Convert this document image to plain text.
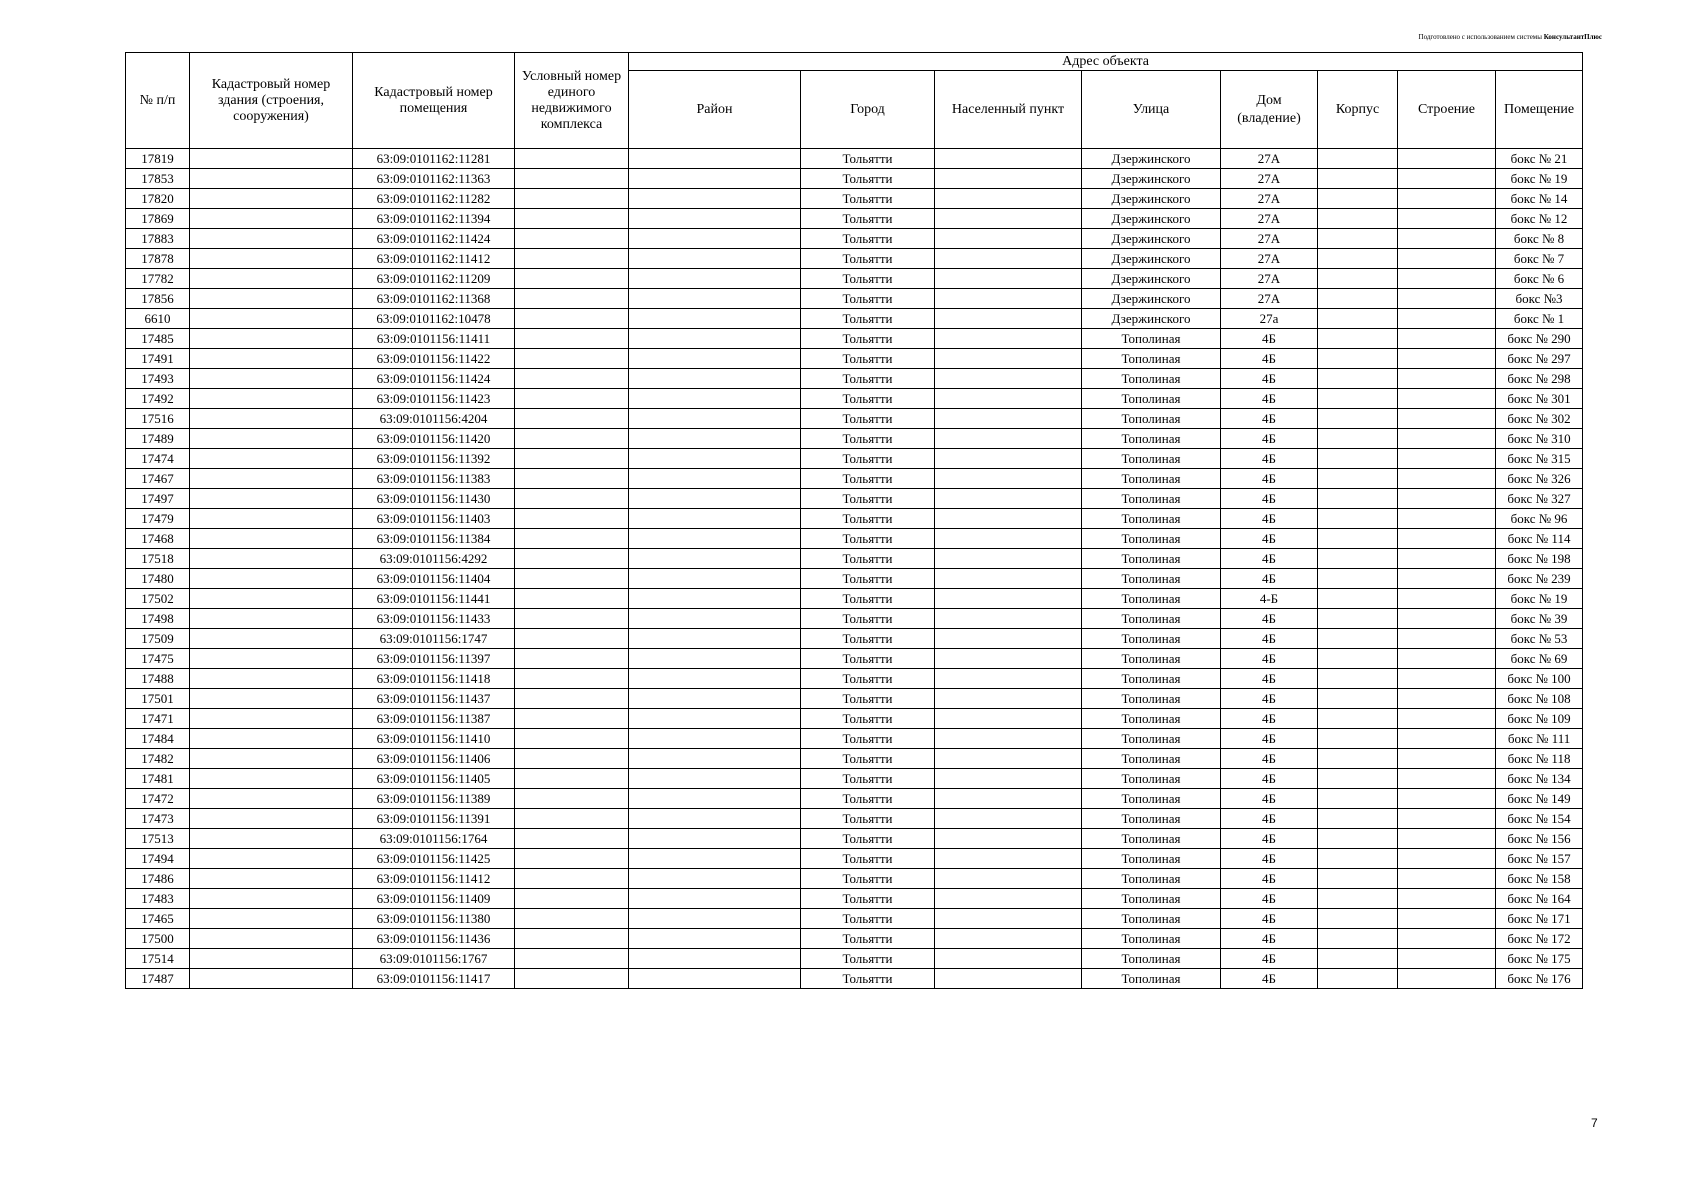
Подготовлено с использованием системы КонсультантПлюс
№ п/п	Кадастровый номер здания (строения, сооружения)	Кадастровый номер помещения	Условный номер единого недвижимого комплекса	Адрес объекта							
				Район	Город	Населенный пункт	Улица	Дом (владение)	Корпус	Строение	Помещение
17819		63:09:0101162:11281			Тольятти		Дзержинского	27А			бокс № 21
17853		63:09:0101162:11363			Тольятти		Дзержинского	27А			бокс № 19
17820		63:09:0101162:11282			Тольятти		Дзержинского	27А			бокс № 14
17869		63:09:0101162:11394			Тольятти		Дзержинского	27А			бокс № 12
17883		63:09:0101162:11424			Тольятти		Дзержинского	27А			бокс № 8
17878		63:09:0101162:11412			Тольятти		Дзержинского	27А			бокс № 7
17782		63:09:0101162:11209			Тольятти		Дзержинского	27А			бокс № 6
17856		63:09:0101162:11368			Тольятти		Дзержинского	27А			бокс №3
6610		63:09:0101162:10478			Тольятти		Дзержинского	27а			бокс № 1
17485		63:09:0101156:11411			Тольятти		Тополиная	4Б			бокс № 290
17491		63:09:0101156:11422			Тольятти		Тополиная	4Б			бокс № 297
17493		63:09:0101156:11424			Тольятти		Тополиная	4Б			бокс № 298
17492		63:09:0101156:11423			Тольятти		Тополиная	4Б			бокс № 301
17516		63:09:0101156:4204			Тольятти		Тополиная	4Б			бокс № 302
17489		63:09:0101156:11420			Тольятти		Тополиная	4Б			бокс № 310
17474		63:09:0101156:11392			Тольятти		Тополиная	4Б			бокс № 315
17467		63:09:0101156:11383			Тольятти		Тополиная	4Б			бокс № 326
17497		63:09:0101156:11430			Тольятти		Тополиная	4Б			бокс № 327
17479		63:09:0101156:11403			Тольятти		Тополиная	4Б			бокс № 96
17468		63:09:0101156:11384			Тольятти		Тополиная	4Б			бокс № 114
17518		63:09:0101156:4292			Тольятти		Тополиная	4Б			бокс № 198
17480		63:09:0101156:11404			Тольятти		Тополиная	4Б			бокс № 239
17502		63:09:0101156:11441			Тольятти		Тополиная	4-Б			бокс № 19
17498		63:09:0101156:11433			Тольятти		Тополиная	4Б			бокс № 39
17509		63:09:0101156:1747			Тольятти		Тополиная	4Б			бокс № 53
17475		63:09:0101156:11397			Тольятти		Тополиная	4Б			бокс № 69
17488		63:09:0101156:11418			Тольятти		Тополиная	4Б			бокс № 100
17501		63:09:0101156:11437			Тольятти		Тополиная	4Б			бокс № 108
17471		63:09:0101156:11387			Тольятти		Тополиная	4Б			бокс № 109
17484		63:09:0101156:11410			Тольятти		Тополиная	4Б			бокс № 111
17482		63:09:0101156:11406			Тольятти		Тополиная	4Б			бокс № 118
17481		63:09:0101156:11405			Тольятти		Тополиная	4Б			бокс № 134
17472		63:09:0101156:11389			Тольятти		Тополиная	4Б			бокс № 149
17473		63:09:0101156:11391			Тольятти		Тополиная	4Б			бокс № 154
17513		63:09:0101156:1764			Тольятти		Тополиная	4Б			бокс № 156
17494		63:09:0101156:11425			Тольятти		Тополиная	4Б			бокс № 157
17486		63:09:0101156:11412			Тольятти		Тополиная	4Б			бокс № 158
17483		63:09:0101156:11409			Тольятти		Тополиная	4Б			бокс № 164
17465		63:09:0101156:11380			Тольятти		Тополиная	4Б			бокс № 171
17500		63:09:0101156:11436			Тольятти		Тополиная	4Б			бокс № 172
17514		63:09:0101156:1767			Тольятти		Тополиная	4Б			бокс № 175
17487		63:09:0101156:11417			Тольятти		Тополиная	4Б			бокс № 176
7
